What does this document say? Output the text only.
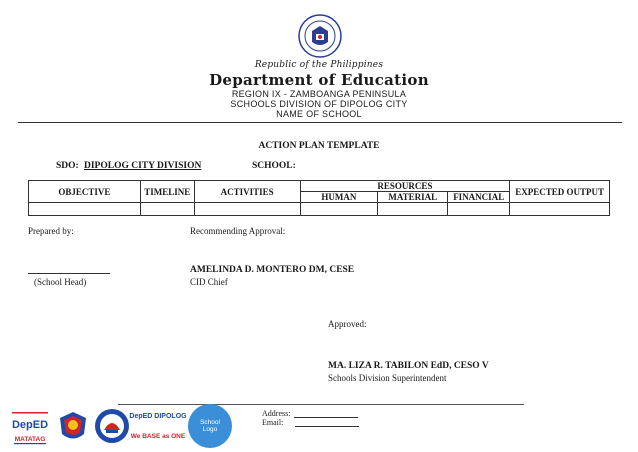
Republic of the Philippines
Department of Education
REGION IX - ZAMBOANGA PENINSULA
SCHOOLS DIVISION OF DIPOLOG CITY
NAME OF SCHOOL
ACTION PLAN TEMPLATE
SDO: DIPOLOG CITY DIVISION	SCHOOL:
OBJECTIVE	TIMELINE	ACTIVITIES	RESOURCES			EXPECTED OUTPUT
			HUMAN	MATERIAL	FINANCIAL	

Prepared by:	Recommending Approval:
(School Head)
AMELINDA D. MONTERO DM, CESE
CID Chief
Approved:
MA. LIZA R. TABILON EdD, CESO V
Schools Division Superintendent
DepED
MATATAG
DepED DIPOLOG
We BASE as ONE
School
Logo
Address:
Email:
